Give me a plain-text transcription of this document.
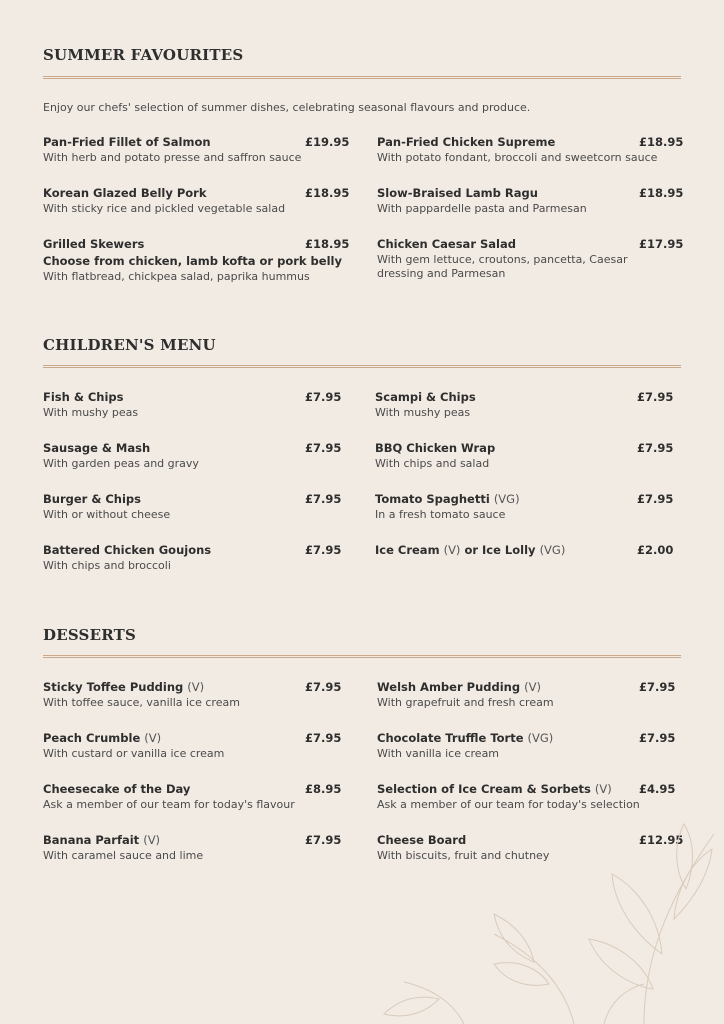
SUMMER FAVOURITES
Enjoy our chefs' selection of summer dishes, celebrating seasonal flavours and produce.
Pan-Fried Fillet of Salmon	£19.95
With herb and potato presse and saffron sauce
Pan-Fried Chicken Supreme	£18.95
With potato fondant, broccoli and sweetcorn sauce
Korean Glazed Belly Pork	£18.95
With sticky rice and pickled vegetable salad
Slow-Braised Lamb Ragu	£18.95
With pappardelle pasta and Parmesan
Grilled Skewers	£18.95
Choose from chicken, lamb kofta or pork belly
With flatbread, chickpea salad, paprika hummus
Chicken Caesar Salad	£17.95
With gem lettuce, croutons, pancetta, Caesar dressing and Parmesan
CHILDREN'S MENU
Fish & Chips	£7.95
With mushy peas
Scampi & Chips	£7.95
With mushy peas
Sausage & Mash	£7.95
With garden peas and gravy
BBQ Chicken Wrap	£7.95
With chips and salad
Burger & Chips	£7.95
With or without cheese
Tomato Spaghetti (VG)	£7.95
In a fresh tomato sauce
Battered Chicken Goujons	£7.95
With chips and broccoli
Ice Cream (V) or Ice Lolly (VG)	£2.00
DESSERTS
Sticky Toffee Pudding (V)	£7.95
With toffee sauce, vanilla ice cream
Welsh Amber Pudding (V)	£7.95
With grapefruit and fresh cream
Peach Crumble (V)	£7.95
With custard or vanilla ice cream
Chocolate Truffle Torte (VG)	£7.95
With vanilla ice cream
Cheesecake of the Day	£8.95
Ask a member of our team for today's flavour
Selection of Ice Cream & Sorbets (V)	£4.95
Ask a member of our team for today's selection
Banana Parfait (V)	£7.95
With caramel sauce and lime
Cheese Board	£12.95
With biscuits, fruit and chutney
